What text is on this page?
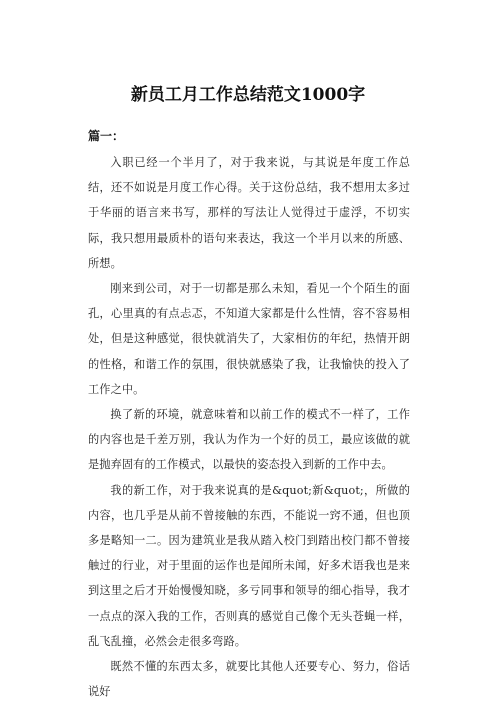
新员工月工作总结范文1000字
篇一：

入职已经一个半月了，对于我来说，与其说是年度工作总结，还不如说是月度工作心得。关于这份总结，我不想用太多过于华丽的语言来书写，那样的写法让人觉得过于虚浮，不切实际，我只想用最质朴的语句来表达，我这一个半月以来的所感、所想。

刚来到公司，对于一切都是那么未知，看见一个个陌生的面孔，心里真的有点忐忑，不知道大家都是什么性情，容不容易相处，但是这种感觉，很快就消失了，大家相仿的年纪，热情开朗的性格，和谐工作的氛围，很快就感染了我，让我愉快的投入了工作之中。

换了新的环境，就意味着和以前工作的模式不一样了，工作的内容也是千差万别，我认为作为一个好的员工，最应该做的就是抛弃固有的工作模式，以最快的姿态投入到新的工作中去。

我的新工作，对于我来说真的是&quot;新&quot;，所做的内容，也几乎是从前不曾接触的东西，不能说一窍不通，但也顶多是略知一二。因为建筑业是我从踏入校门到踏出校门都不曾接触过的行业，对于里面的运作也是闻所未闻，好多术语我也是来到这里之后才开始慢慢知晓，多亏同事和领导的细心指导，我才一点点的深入我的工作，否则真的感觉自己像个无头苍蝇一样，乱飞乱撞，必然会走很多弯路。

既然不懂的东西太多，就要比其他人还要专心、努力，俗话说好
